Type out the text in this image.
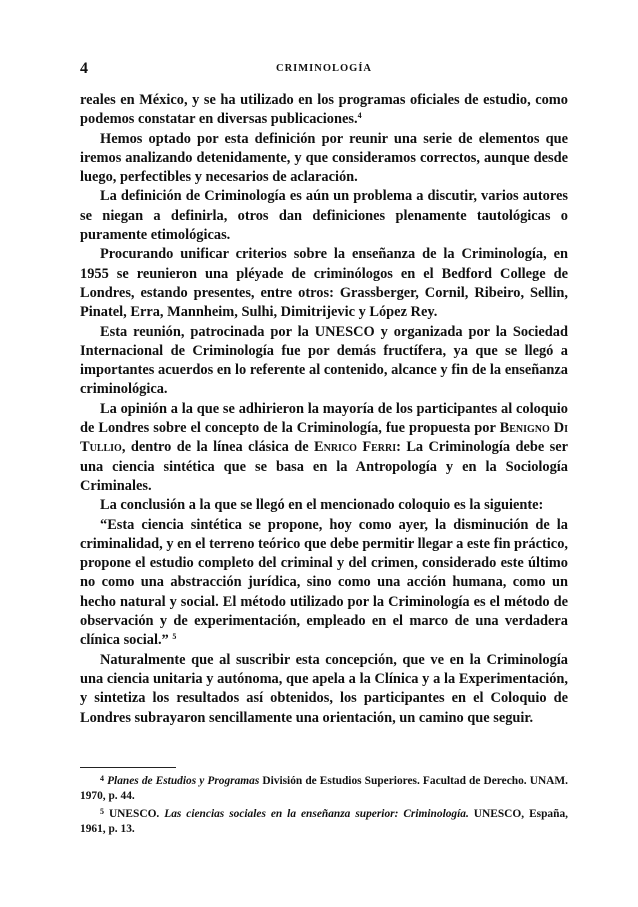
4	CRIMINOLOGÍA

reales en México, y se ha utilizado en los programas oficiales de estudio, como podemos constatar en diversas publicaciones.$^4$

Hemos optado por esta definición por reunir una serie de elementos que iremos analizando detenidamente, y que consideramos correctos, aunque desde luego, perfectibles y necesarios de aclaración.

La definición de Criminología es aún un problema a discutir, varios autores se niegan a definirla, otros dan definiciones plenamente tautológicas o puramente etimológicas.

Procurando unificar criterios sobre la enseñanza de la Criminología, en 1955 se reunieron una pléyade de criminólogos en el Bedford College de Londres, estando presentes, entre otros: Grassberger, Cornil, Ribeiro, Sellin, Pinatel, Erra, Mannheim, Sulhi, Dimitrijevic y López Rey.

Esta reunión, patrocinada por la UNESCO y organizada por la Sociedad Internacional de Criminología fue por demás fructífera, ya que se llegó a importantes acuerdos en lo referente al contenido, alcance y fin de la enseñanza criminológica.

La opinión a la que se adhirieron la mayoría de los participantes al coloquio de Londres sobre el concepto de la Criminología, fue propuesta por Benigno Di Tullio, dentro de la línea clásica de Enrico Ferri: La Criminología debe ser una ciencia sintética que se basa en la Antropología y en la Sociología Criminales.

La conclusión a la que se llegó en el mencionado coloquio es la siguiente:

“Esta ciencia sintética se propone, hoy como ayer, la disminución de la criminalidad, y en el terreno teórico que debe permitir llegar a este fin práctico, propone el estudio completo del criminal y del crimen, considerado este último no como una abstracción jurídica, sino como una acción humana, como un hecho natural y social. El método utilizado por la Criminología es el método de observación y de experimentación, empleado en el marco de una verdadera clínica social.” $^5$

Naturalmente que al suscribir esta concepción, que ve en la Criminología una ciencia unitaria y autónoma, que apela a la Clínica y a la Experimentación, y sintetiza los resultados así obtenidos, los participantes en el Coloquio de Londres subrayaron sencillamente una orientación, un camino que seguir.

$^4$ Planes de Estudios y Programas División de Estudios Superiores. Facultad de Derecho. UNAM. 1970, p. 44.

$^5$ UNESCO. Las ciencias sociales en la enseñanza superior: Criminología. UNESCO, España, 1961, p. 13.
